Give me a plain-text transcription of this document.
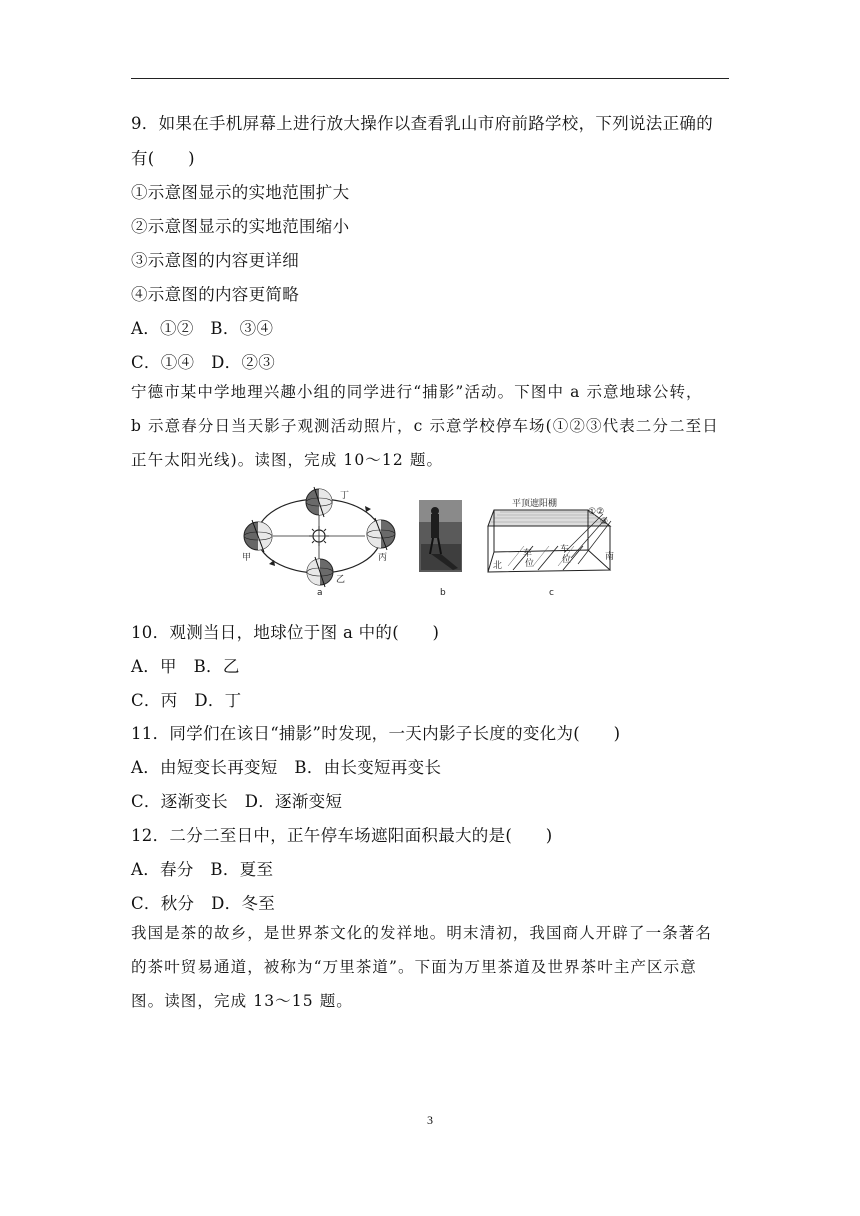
9．如果在手机屏幕上进行放大操作以查看乳山市府前路学校，下列说法正确的
有(　　)
①示意图显示的实地范围扩大
②示意图显示的实地范围缩小
③示意图的内容更详细
④示意图的内容更简略
A．①②　B．③④
C．①④　D．②③
宁德市某中学地理兴趣小组的同学进行“捕影”活动。下图中 a 示意地球公转，
b 示意春分日当天影子观测活动照片，c 示意学校停车场(①②③代表二分二至日
正午太阳光线)。读图，完成 10～12 题。
甲
丁
丙
乙
a	b
平顶遮阳棚
①②
③
北
南
车
位
车
位
c
10．观测当日，地球位于图 a 中的(　　)
A．甲　B．乙
C．丙　D．丁
11．同学们在该日“捕影”时发现，一天内影子长度的变化为(　　)
A．由短变长再变短　B．由长变短再变长
C．逐渐变长　D．逐渐变短
12．二分二至日中，正午停车场遮阳面积最大的是(　　)
A．春分　B．夏至
C．秋分　D．冬至
我国是茶的故乡，是世界茶文化的发祥地。明末清初，我国商人开辟了一条著名
的茶叶贸易通道，被称为“万里茶道”。下面为万里茶道及世界茶叶主产区示意
图。读图，完成 13～15 题。
3
